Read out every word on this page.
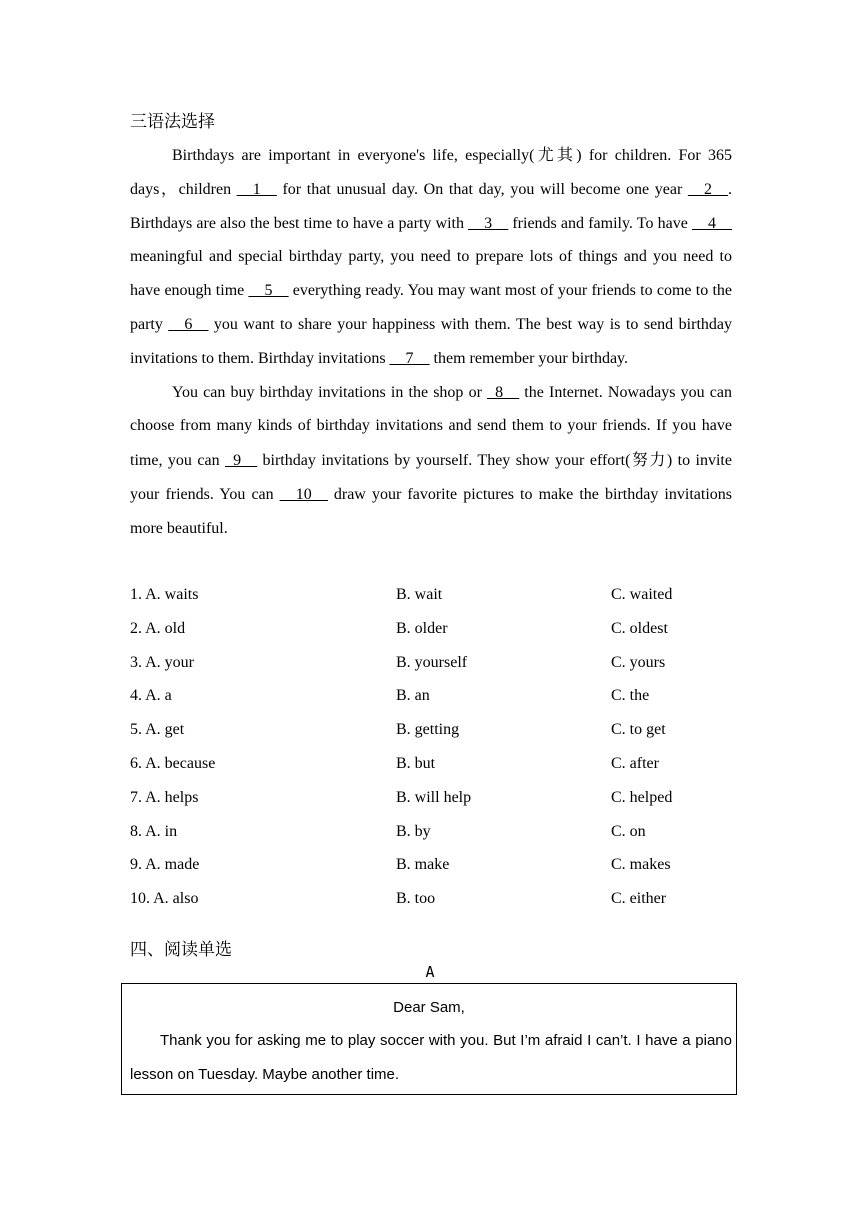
三语法选择

Birthdays are important in everyone's life, especially(尤其) for children. For 365 days，children __1__ for that unusual day. On that day, you will become one year __2__. Birthdays are also the best time to have a party with __3__ friends and family. To have __4__ meaningful and special birthday party, you need to prepare lots of things and you need to have enough time __5__ everything ready. You may want most of your friends to come to the party __6__ you want to share your happiness with them. The best way is to send birthday invitations to them. Birthday invitations __7__ them remember your birthday.

You can buy birthday invitations in the shop or _8__ the Internet. Nowadays you can choose from many kinds of birthday invitations and send them to your friends. If you have time, you can _9__ birthday invitations by yourself. They show your effort(努力) to invite your friends. You can __10__ draw your favorite pictures to make the birthday invitations more beautiful.

1. A. waits	B. wait	C. waited
2. A. old	B. older	C. oldest
3. A. your	B. yourself	C. yours
4. A. a	B. an	C. the
5. A. get	B. getting	C. to get
6. A. because	B. but	C. after
7. A. helps	B. will help	C. helped
8. A. in	B. by	C. on
9. A. made	B. make	C. makes
10. A. also	B. too	C. either
四、阅读单选
A
Dear Sam,

Thank you for asking me to play soccer with you. But I’m afraid I can’t. I have a piano lesson on Tuesday. Maybe another time.
